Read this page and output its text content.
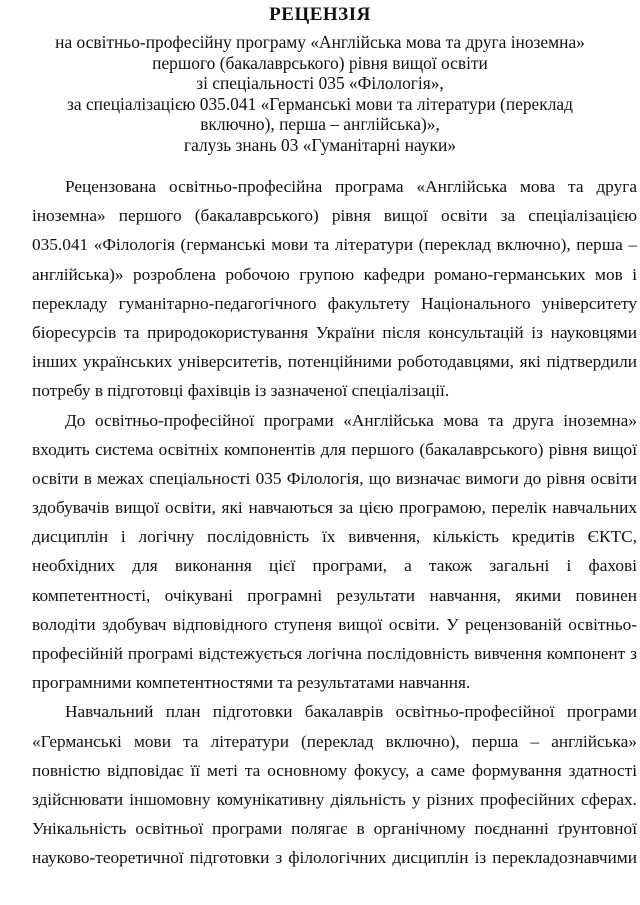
РЕЦЕНЗІЯ
на освітньо-професійну програму «Англійська мова та друга іноземна»
першого (бакалаврського) рівня вищої освіти
зі спеціальності 035 «Філологія»,
за спеціалізацією 035.041 «Германські мови та літератури (переклад
включно), перша – англійська)»,
галузь знань 03 «Гуманітарні науки»
Рецензована освітньо-професійна програма «Англійська мова та друга
іноземна» першого (бакалаврського) рівня вищої освіти за спеціалізацією
035.041 «Філологія (германські мови та літератури (переклад включно), перша –
англійська)» розроблена робочою групою кафедри романо-германських мов і
перекладу гуманітарно-педагогічного факультету Національного університету
біоресурсів та природокористування України після консультацій із науковцями
інших українських університетів, потенційними роботодавцями, які підтвердили
потребу в підготовці фахівців із зазначеної спеціалізації.
До освітньо-професійної програми «Англійська мова та друга іноземна»
входить система освітніх компонентів для першого (бакалаврського) рівня вищої
освіти в межах спеціальності 035 Філологія, що визначає вимоги до рівня освіти
здобувачів вищої освіти, які навчаються за цією програмою, перелік навчальних
дисциплін і логічну послідовність їх вивчення, кількість кредитів ЄКТС,
необхідних для виконання цієї програми, а також загальні і фахові
компетентності, очікувані програмні результати навчання, якими повинен
володіти здобувач відповідного ступеня вищої освіти. У рецензованій освітньо-
професійній програмі відстежується логічна послідовність вивчення компонент з
програмними компетентностями та результатами навчання.
Навчальний план підготовки бакалаврів освітньо-професійної програми
«Германські мови та літератури (переклад включно), перша – англійська»
повністю відповідає її меті та основному фокусу, а саме формування здатності
здійснювати іншомовну комунікативну діяльність у різних професійних сферах.
Унікальність освітньої програми полягає в органічному поєднанні ґрунтовної
науково-теоретичної підготовки з філологічних дисциплін із перекладознавчими
